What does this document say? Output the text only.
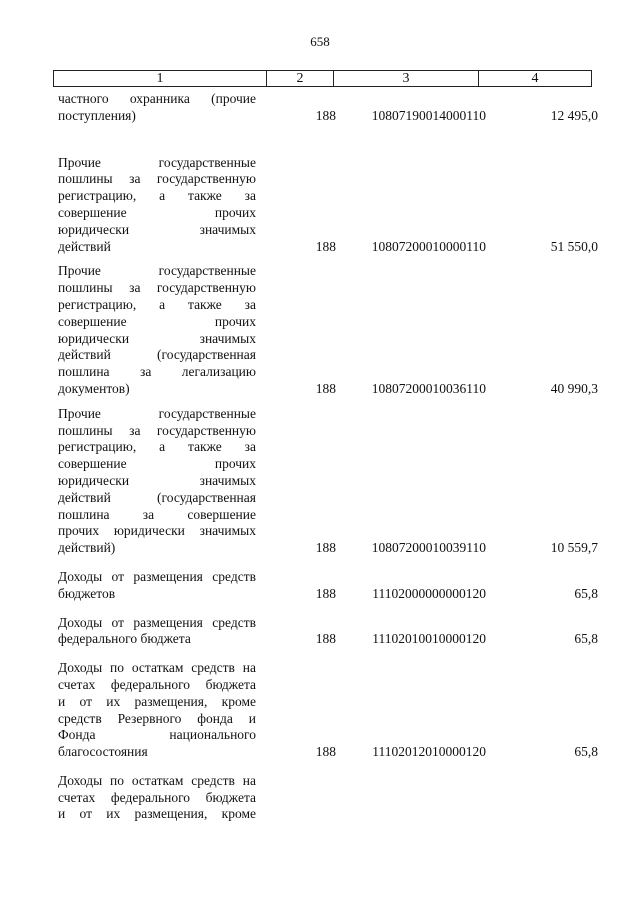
658
1	2	3	4
частного охранника (прочие
поступления)	188	10807190014000110	12 495,0
Прочие государственные
пошлины за государственную
регистрацию, а также за
совершение прочих
юридически значимых
действий	188	10807200010000110	51 550,0
Прочие государственные
пошлины за государственную
регистрацию, а также за
совершение прочих
юридически значимых
действий (государственная
пошлина за легализацию
документов)	188	10807200010036110	40 990,3
Прочие государственные
пошлины за государственную
регистрацию, а также за
совершение прочих
юридически значимых
действий (государственная
пошлина за совершение
прочих юридически значимых
действий)	188	10807200010039110	10 559,7
Доходы от размещения средств
бюджетов	188	11102000000000120	65,8
Доходы от размещения средств
федерального бюджета	188	11102010010000120	65,8
Доходы по остаткам средств на
счетах федерального бюджета
и от их размещения, кроме
средств Резервного фонда и
Фонда национального
благосостояния	188	11102012010000120	65,8
Доходы по остаткам средств на
счетах федерального бюджета
и от их размещения, кроме
